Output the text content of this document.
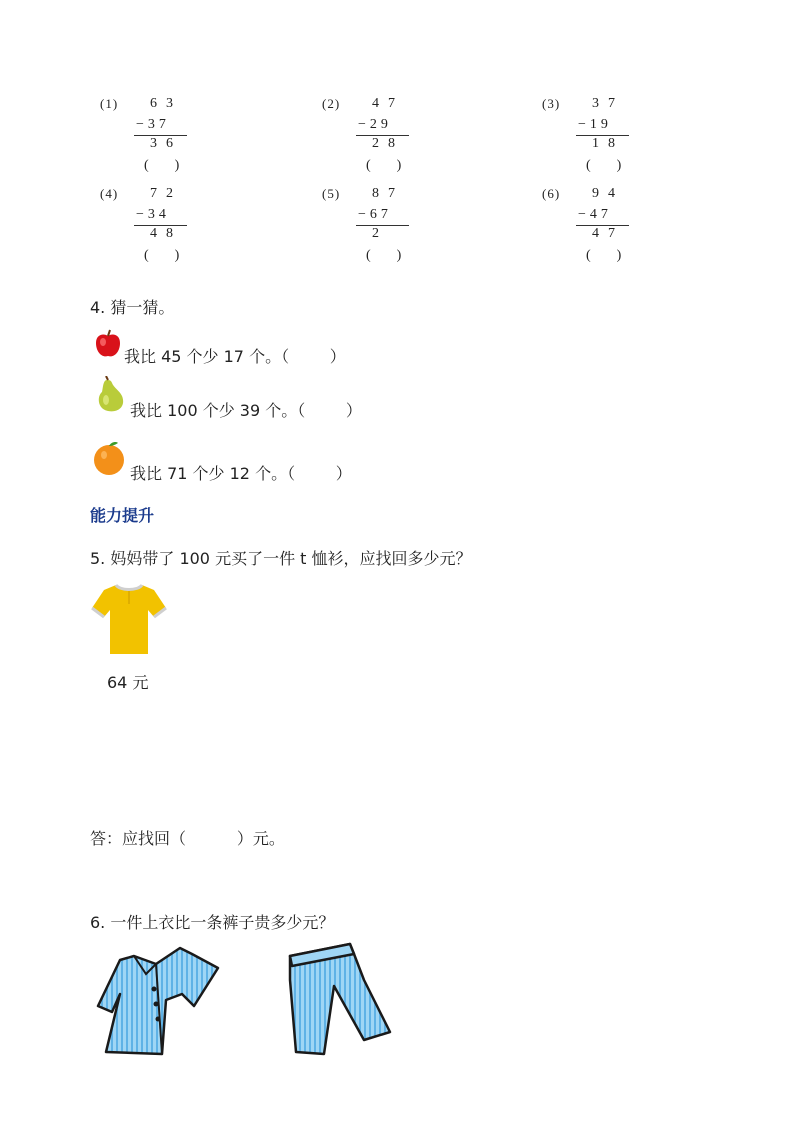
(1) 63
−37
36
()
(2) 47
−29
28
()
(3) 37
−19
18
()
(4) 72
−34
48
()
(5) 87
−67
2
()
(6) 94
−47
47
()
4. 猜一猜。
我比 45 个少 17 个。（        ）
我比 100 个少 39 个。（        ）
我比 71 个少 12 个。（        ）
能力提升
5. 妈妈带了 100 元买了一件 t 恤衫，应找回多少元？
64 元
答：应找回（          ）元。
6. 一件上衣比一条裤子贵多少元？
